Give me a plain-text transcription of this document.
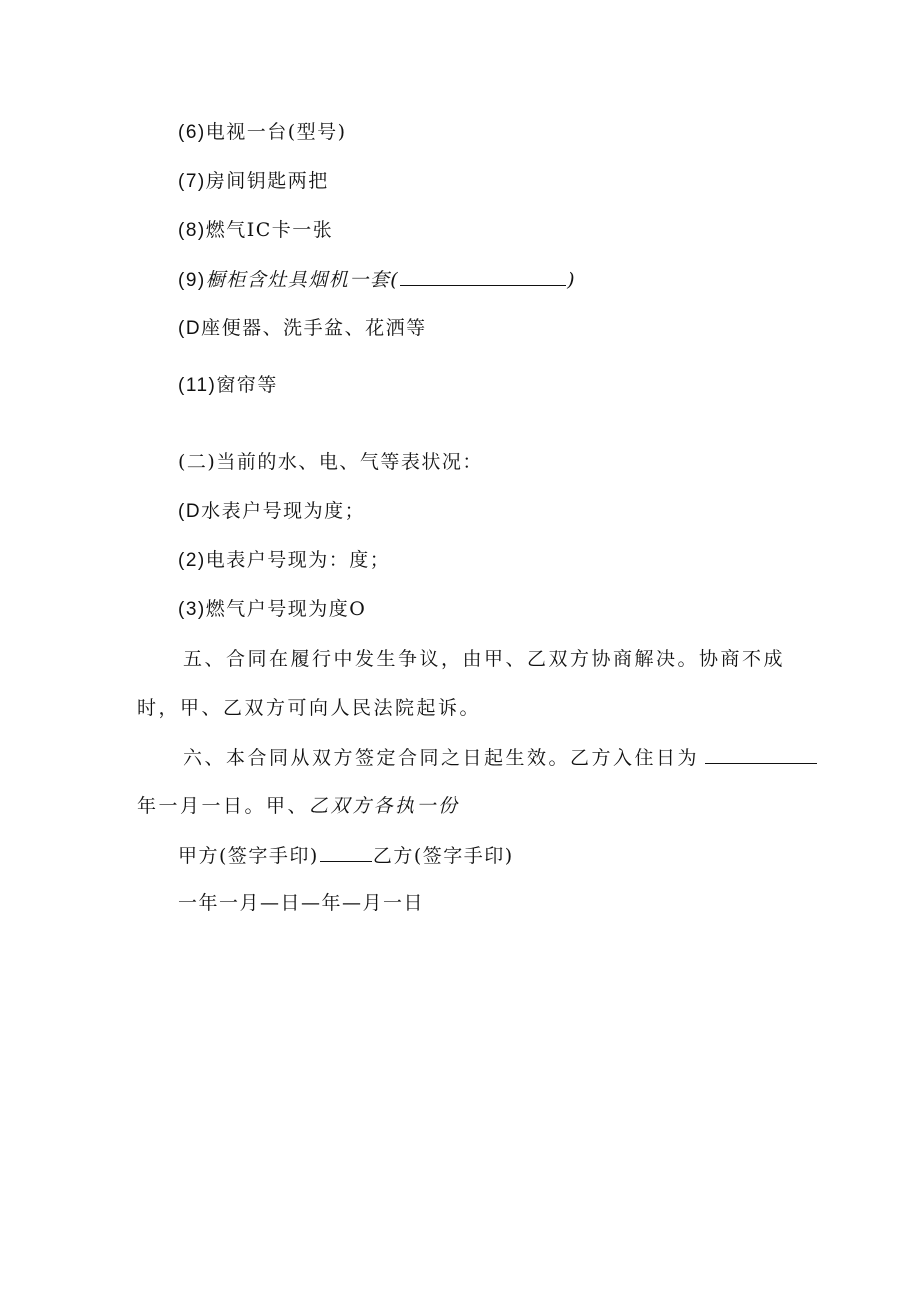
(6)电视一台(型号)
(7)房间钥匙两把
(8)燃气IC卡一张
(9)橱柜含灶具烟机一套(	)
(D座便器、洗手盆、花洒等
(11)窗帘等
(二)当前的水、电、气等表状况：
(D水表户号现为度；
(2)电表户号现为：度；
(3)燃气户号现为度O
五、合同在履行中发生争议，由甲、乙双方协商解决。协商不成
时，甲、乙双方可向人民法院起诉。
六、本合同从双方签定合同之日起生效。乙方入住日为
年一月一日。甲、乙双方各执一份
甲方(签字手印)	乙方(签字手印)
一年一月—日—年—月一日
